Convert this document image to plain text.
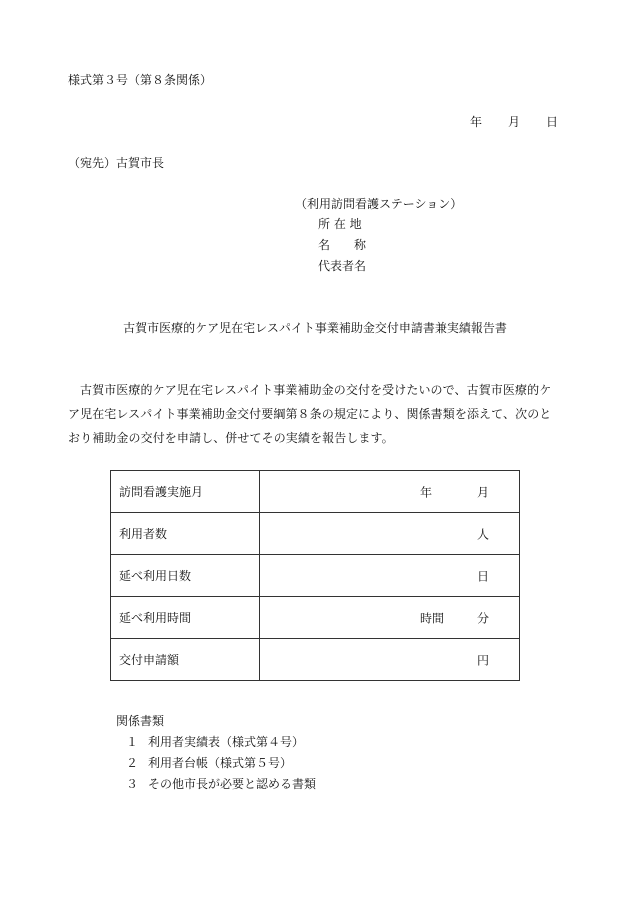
様式第３号（第８条関係）
年 月 日
（宛先）古賀市長
（利用訪問看護ステーション）
所 在 地
名　　称
代表者名
古賀市医療的ケア児在宅レスパイト事業補助金交付申請書兼実績報告書
古賀市医療的ケア児在宅レスパイト事業補助金の交付を受けたいので、古賀市医療的ケア児在宅レスパイト事業補助金交付要綱第８条の規定により、関係書類を添えて、次のとおり補助金の交付を申請し、併せてその実績を報告します。
訪問看護実施月	年 月

利用者数	人

延べ利用日数	日

延べ利用時間	時間 分

交付申請額	円
関係書類
１ 利用者実績表（様式第４号）
２ 利用者台帳（様式第５号）
３ その他市長が必要と認める書類
